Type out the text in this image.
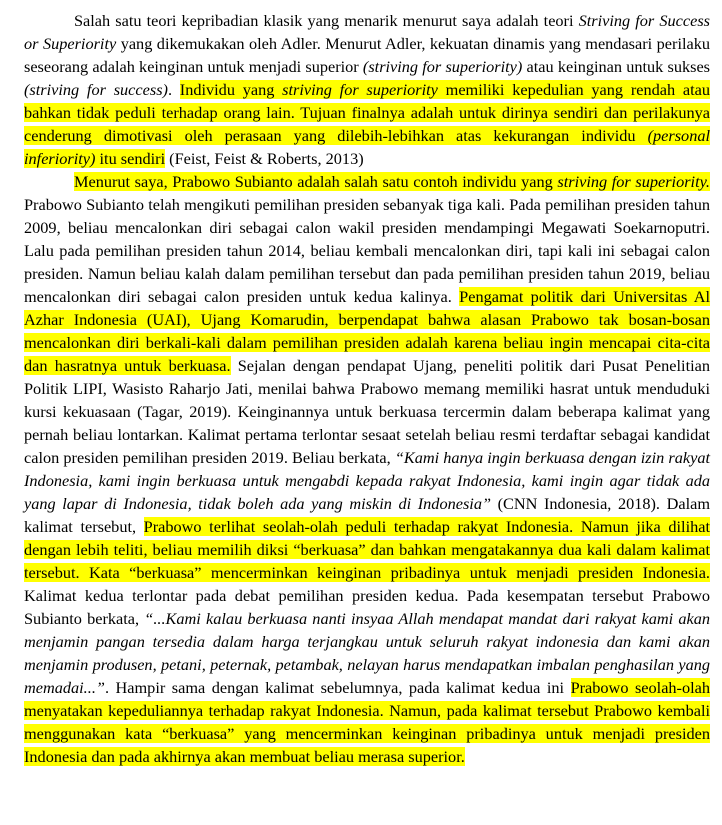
Salah satu teori kepribadian klasik yang menarik menurut saya adalah teori Striving for Success or Superiority yang dikemukakan oleh Adler. Menurut Adler, kekuatan dinamis yang mendasari perilaku seseorang adalah keinginan untuk menjadi superior (striving for superiority) atau keinginan untuk sukses (striving for success). Individu yang striving for superiority memiliki kepedulian yang rendah atau bahkan tidak peduli terhadap orang lain. Tujuan finalnya adalah untuk dirinya sendiri dan perilakunya cenderung dimotivasi oleh perasaan yang dilebih-lebihkan atas kekurangan individu (personal inferiority) itu sendiri (Feist, Feist & Roberts, 2013)

Menurut saya, Prabowo Subianto adalah salah satu contoh individu yang striving for superiority. Prabowo Subianto telah mengikuti pemilihan presiden sebanyak tiga kali. Pada pemilihan presiden tahun 2009, beliau mencalonkan diri sebagai calon wakil presiden mendampingi Megawati Soekarnoputri. Lalu pada pemilihan presiden tahun 2014, beliau kembali mencalonkan diri, tapi kali ini sebagai calon presiden. Namun beliau kalah dalam pemilihan tersebut dan pada pemilihan presiden tahun 2019, beliau mencalonkan diri sebagai calon presiden untuk kedua kalinya. Pengamat politik dari Universitas Al Azhar Indonesia (UAI), Ujang Komarudin, berpendapat bahwa alasan Prabowo tak bosan-bosan mencalonkan diri berkali-kali dalam pemilihan presiden adalah karena beliau ingin mencapai cita-cita dan hasratnya untuk berkuasa. Sejalan dengan pendapat Ujang, peneliti politik dari Pusat Penelitian Politik LIPI, Wasisto Raharjo Jati, menilai bahwa Prabowo memang memiliki hasrat untuk menduduki kursi kekuasaan (Tagar, 2019). Keinginannya untuk berkuasa tercermin dalam beberapa kalimat yang pernah beliau lontarkan. Kalimat pertama terlontar sesaat setelah beliau resmi terdaftar sebagai kandidat calon presiden pemilihan presiden 2019. Beliau berkata, “Kami hanya ingin berkuasa dengan izin rakyat Indonesia, kami ingin berkuasa untuk mengabdi kepada rakyat Indonesia, kami ingin agar tidak ada yang lapar di Indonesia, tidak boleh ada yang miskin di Indonesia” (CNN Indonesia, 2018). Dalam kalimat tersebut, Prabowo terlihat seolah-olah peduli terhadap rakyat Indonesia. Namun jika dilihat dengan lebih teliti, beliau memilih diksi “berkuasa” dan bahkan mengatakannya dua kali dalam kalimat tersebut. Kata “berkuasa” mencerminkan keinginan pribadinya untuk menjadi presiden Indonesia. Kalimat kedua terlontar pada debat pemilihan presiden kedua. Pada kesempatan tersebut Prabowo Subianto berkata, “...Kami kalau berkuasa nanti insyaa Allah mendapat mandat dari rakyat kami akan menjamin pangan tersedia dalam harga terjangkau untuk seluruh rakyat indonesia dan kami akan menjamin produsen, petani, peternak, petambak, nelayan harus mendapatkan imbalan penghasilan yang memadai...”. Hampir sama dengan kalimat sebelumnya, pada kalimat kedua ini Prabowo seolah-olah menyatakan kepeduliannya terhadap rakyat Indonesia. Namun, pada kalimat tersebut Prabowo kembali menggunakan kata “berkuasa” yang mencerminkan keinginan pribadinya untuk menjadi presiden Indonesia dan pada akhirnya akan membuat beliau merasa superior.
